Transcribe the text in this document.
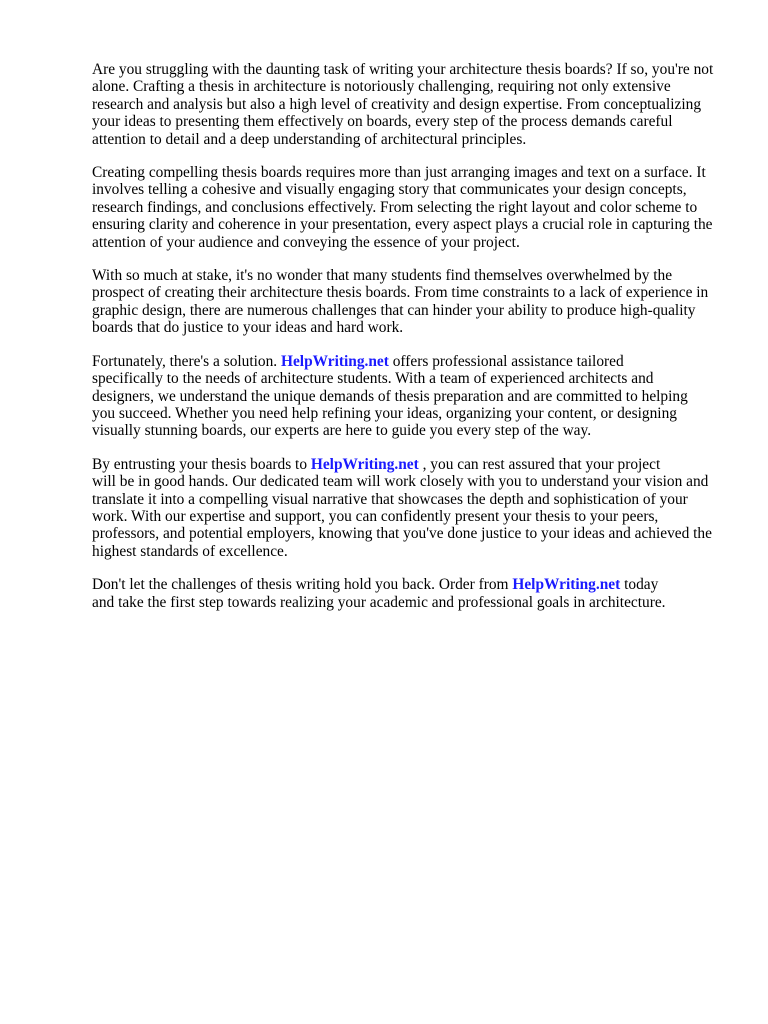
Are you struggling with the daunting task of writing your architecture thesis boards? If so, you're not
alone. Crafting a thesis in architecture is notoriously challenging, requiring not only extensive
research and analysis but also a high level of creativity and design expertise. From conceptualizing
your ideas to presenting them effectively on boards, every step of the process demands careful
attention to detail and a deep understanding of architectural principles.

Creating compelling thesis boards requires more than just arranging images and text on a surface. It
involves telling a cohesive and visually engaging story that communicates your design concepts,
research findings, and conclusions effectively. From selecting the right layout and color scheme to
ensuring clarity and coherence in your presentation, every aspect plays a crucial role in capturing the
attention of your audience and conveying the essence of your project.

With so much at stake, it's no wonder that many students find themselves overwhelmed by the
prospect of creating their architecture thesis boards. From time constraints to a lack of experience in
graphic design, there are numerous challenges that can hinder your ability to produce high-quality
boards that do justice to your ideas and hard work.

Fortunately, there's a solution. HelpWriting.net offers professional assistance tailored
specifically to the needs of architecture students. With a team of experienced architects and
designers, we understand the unique demands of thesis preparation and are committed to helping
you succeed. Whether you need help refining your ideas, organizing your content, or designing
visually stunning boards, our experts are here to guide you every step of the way.

By entrusting your thesis boards to HelpWriting.net , you can rest assured that your project
will be in good hands. Our dedicated team will work closely with you to understand your vision and
translate it into a compelling visual narrative that showcases the depth and sophistication of your
work. With our expertise and support, you can confidently present your thesis to your peers,
professors, and potential employers, knowing that you've done justice to your ideas and achieved the
highest standards of excellence.

Don't let the challenges of thesis writing hold you back. Order from HelpWriting.net today
and take the first step towards realizing your academic and professional goals in architecture.
